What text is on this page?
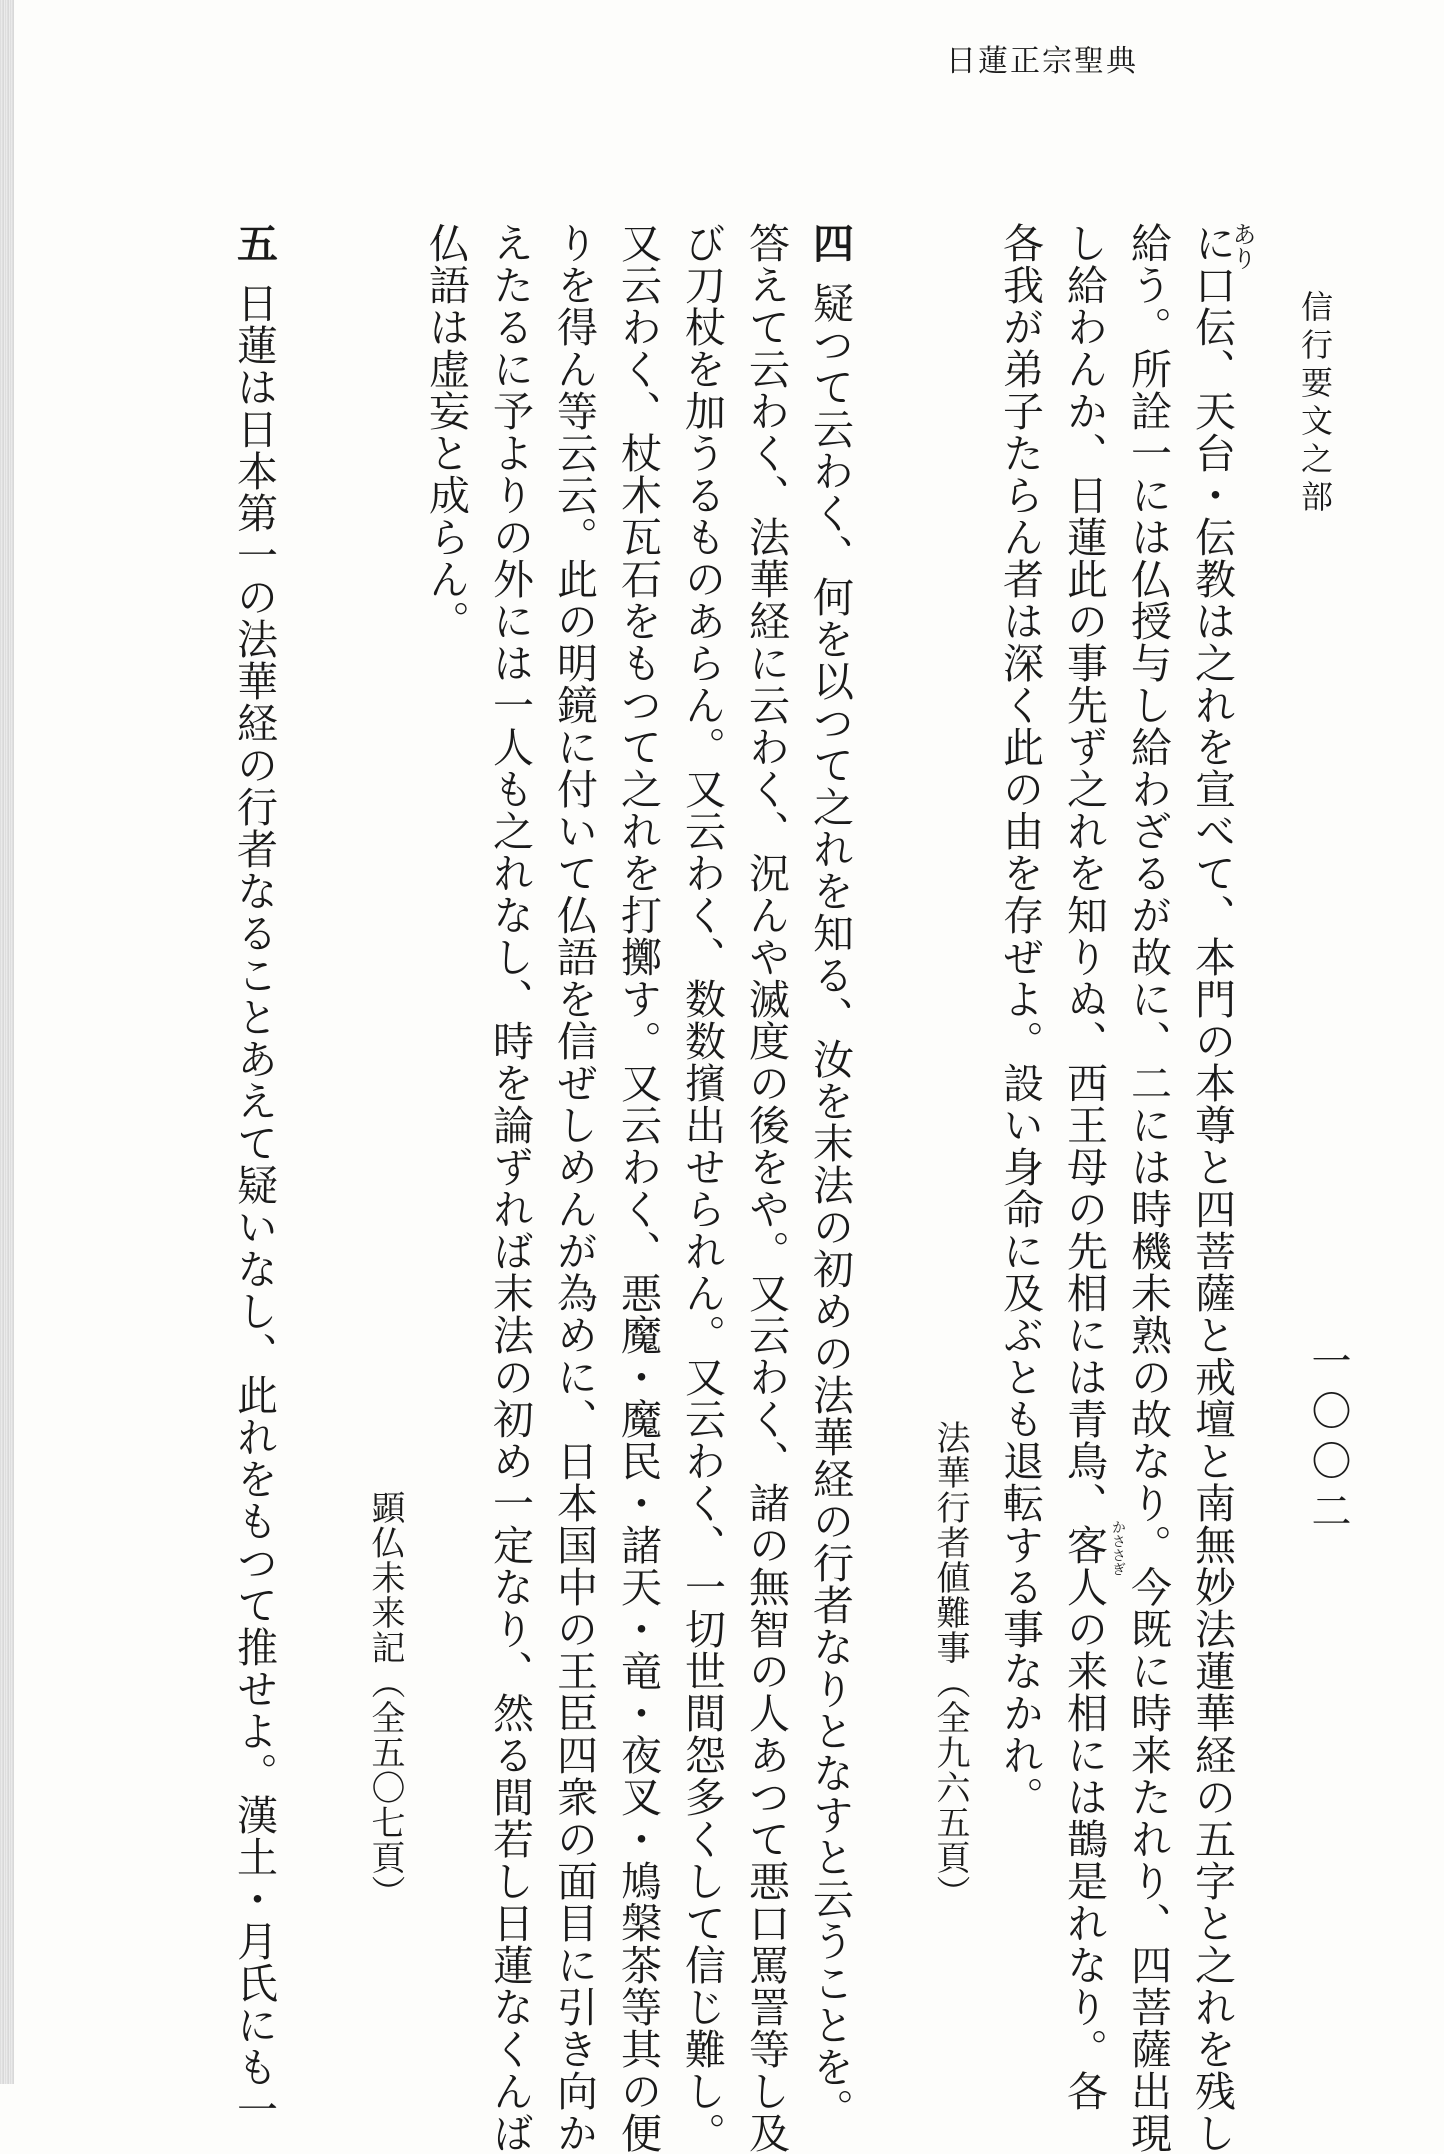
日蓮正宗聖典
信行要文之部
一〇〇二
あり
に口伝、天台・伝教は之れを宣べて、本門の本尊と四菩薩と戒壇と南無妙法蓮華経の五字と之れを残し
給う。所詮一には仏授与し給わざるが故に、二には時機未熟の故なり。今既に時来たれり、四菩薩出現
し給わんか、日蓮此の事先ず之れを知りぬ、西王母の先相には青鳥、客人の来相には鵲是れなり。各 かささぎ
各我が弟子たらん者は深く此の由を存ぜよ。設い身命に及ぶとも退転する事なかれ。
法華行者値難事（全九六五頁）
四
疑つて云わく、何を以つて之れを知る、汝を末法の初めの法華経の行者なりとなすと云うことを。
答えて云わく、法華経に云わく、況んや滅度の後をや。又云わく、諸の無智の人あつて悪口罵詈等し及
び刀杖を加うるものあらん。又云わく、数数擯出せられん。又云わく、一切世間怨多くして信じ難し。
又云わく、杖木瓦石をもつて之れを打擲す。又云わく、悪魔・魔民・諸天・竜・夜叉・鳩槃茶等其の便
りを得ん等云云。此の明鏡に付いて仏語を信ぜしめんが為めに、日本国中の王臣四衆の面目に引き向か
えたるに予よりの外には一人も之れなし、時を論ずれば末法の初め一定なり、然る間若し日蓮なくんば
仏語は虚妄と成らん。
顕仏未来記（全五〇七頁）
五
日蓮は日本第一の法華経の行者なることあえて疑いなし、此れをもつて推せよ。漢土・月氏にも一
